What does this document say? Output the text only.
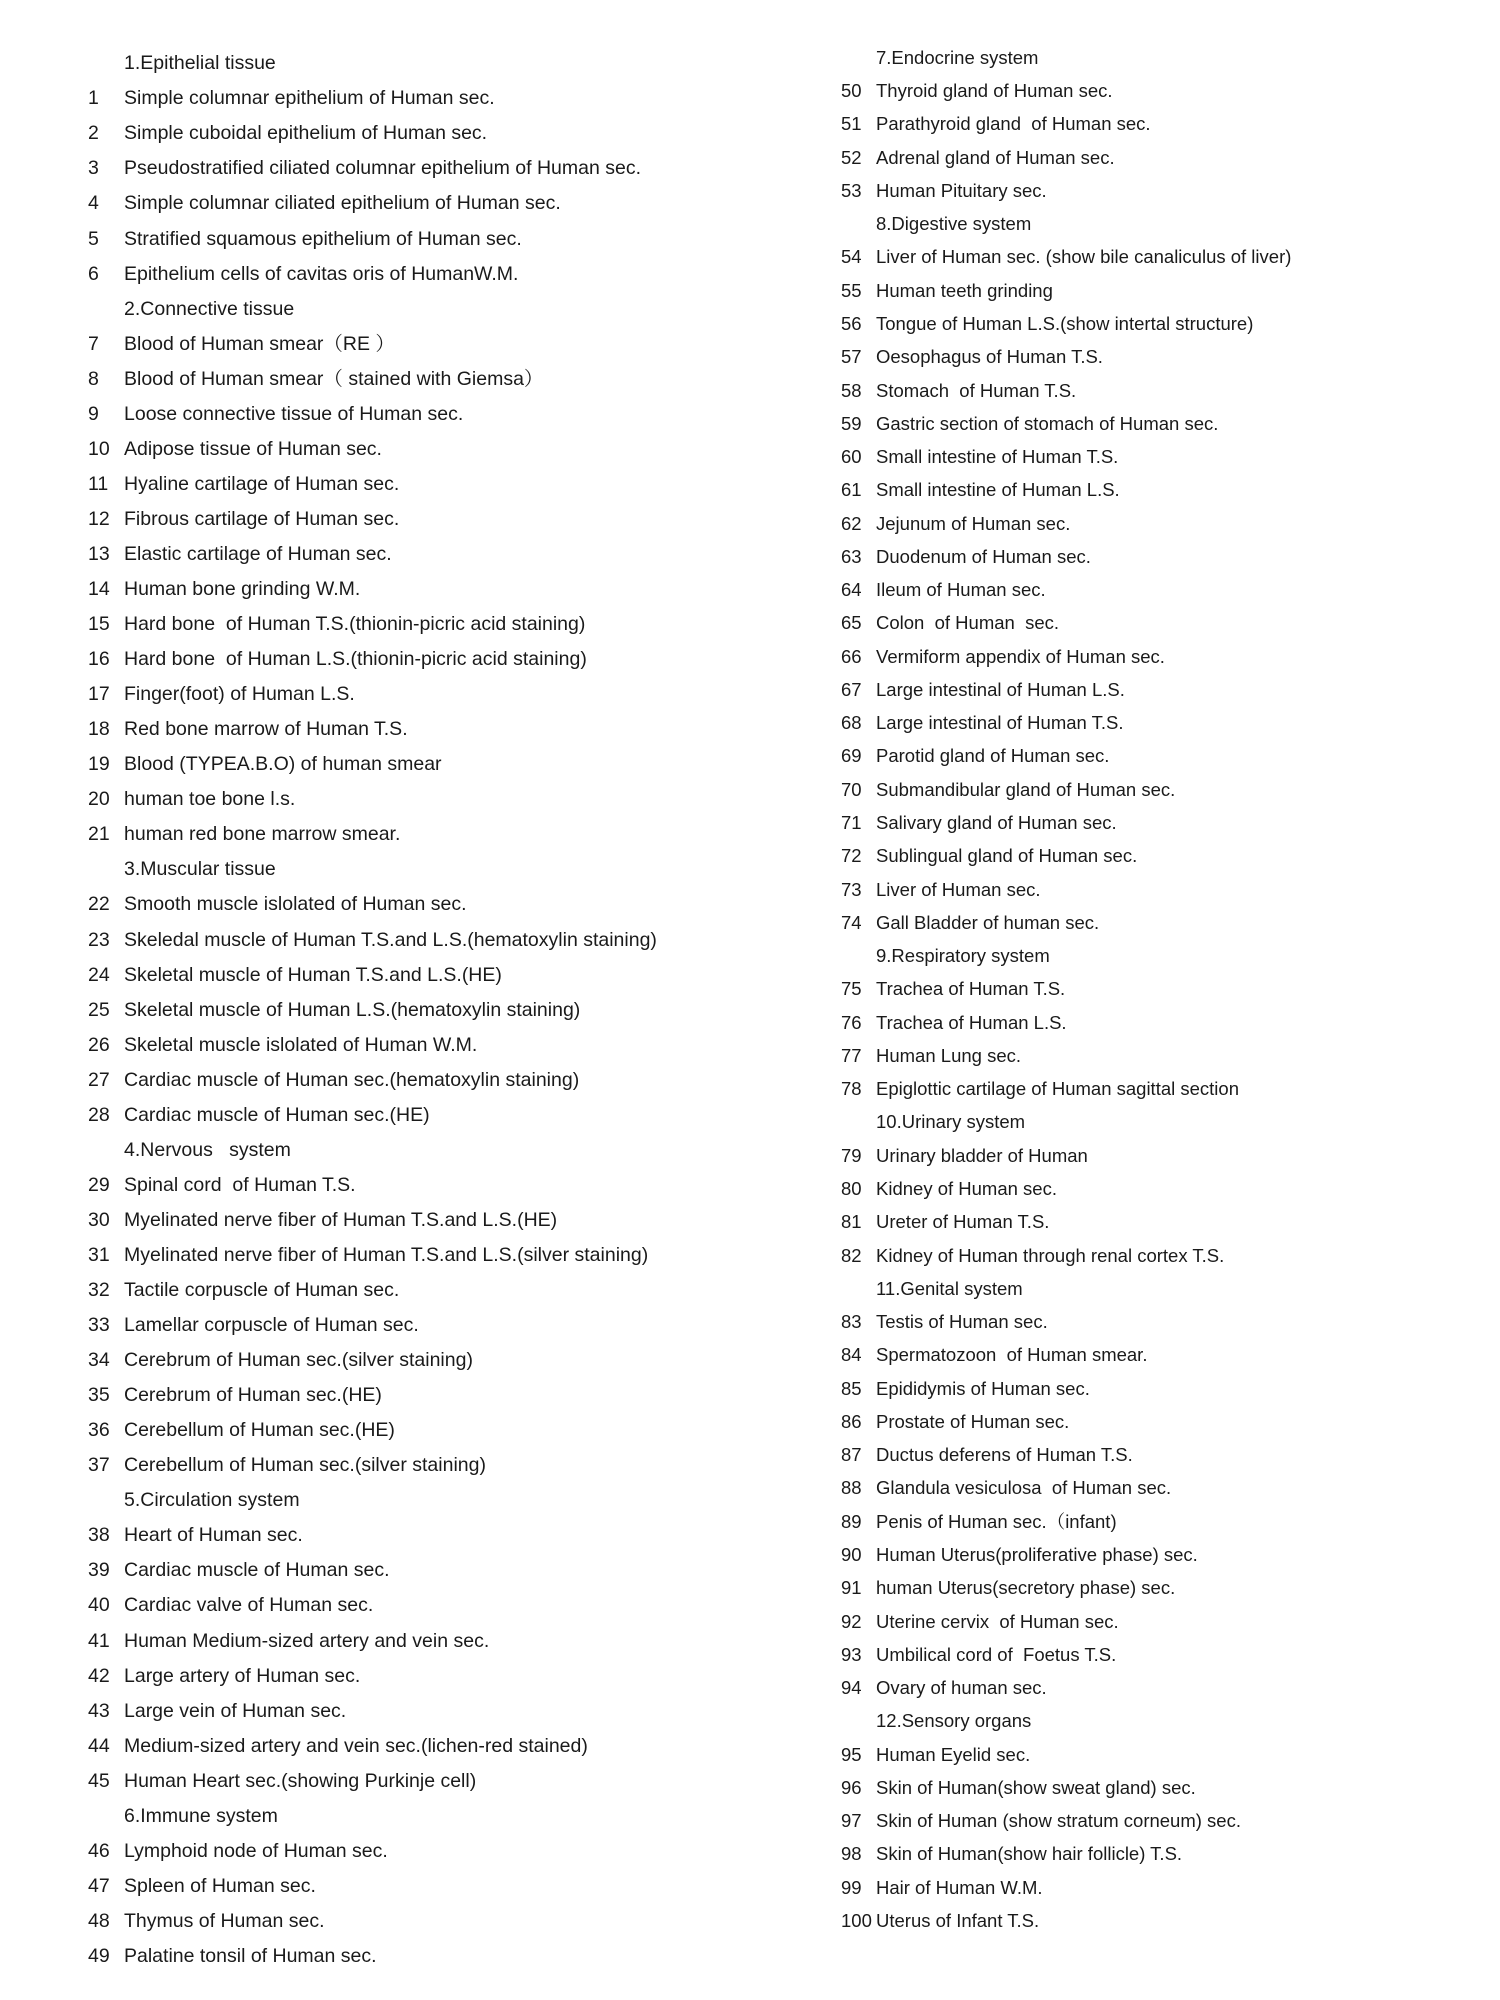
1.Epithelial tissue
1 Simple columnar epithelium of Human sec.
2 Simple cuboidal epithelium of Human sec.
3 Pseudostratified ciliated columnar epithelium of Human sec.
4 Simple columnar ciliated epithelium of Human sec.
5 Stratified squamous epithelium of Human sec.
6 Epithelium cells of cavitas oris of HumanW.M.
2.Connective tissue
7 Blood of Human smear（RE ）
8 Blood of Human smear（ stained with Giemsa）
9 Loose connective tissue of Human sec.
10 Adipose tissue of Human sec.
11 Hyaline cartilage of Human sec.
12 Fibrous cartilage of Human sec.
13 Elastic cartilage of Human sec.
14 Human bone grinding W.M.
15 Hard bone  of Human T.S.(thionin-picric acid staining)
16 Hard bone  of Human L.S.(thionin-picric acid staining)
17 Finger(foot) of Human L.S.
18 Red bone marrow of Human T.S.
19 Blood (TYPEA.B.O) of human smear
20 human toe bone l.s.
21 human red bone marrow smear.
3.Muscular tissue
22 Smooth muscle islolated of Human sec.
23 Skeledal muscle of Human T.S.and L.S.(hematoxylin staining)
24 Skeletal muscle of Human T.S.and L.S.(HE)
25 Skeletal muscle of Human L.S.(hematoxylin staining)
26 Skeletal muscle islolated of Human W.M.
27 Cardiac muscle of Human sec.(hematoxylin staining)
28 Cardiac muscle of Human sec.(HE)
4.Nervous   system
29 Spinal cord  of Human T.S.
30 Myelinated nerve fiber of Human T.S.and L.S.(HE)
31 Myelinated nerve fiber of Human T.S.and L.S.(silver staining)
32 Tactile corpuscle of Human sec.
33 Lamellar corpuscle of Human sec.
34 Cerebrum of Human sec.(silver staining)
35 Cerebrum of Human sec.(HE)
36 Cerebellum of Human sec.(HE)
37 Cerebellum of Human sec.(silver staining)
5.Circulation system
38 Heart of Human sec.
39 Cardiac muscle of Human sec.
40 Cardiac valve of Human sec.
41 Human Medium-sized artery and vein sec.
42 Large artery of Human sec.
43 Large vein of Human sec.
44 Medium-sized artery and vein sec.(lichen-red stained)
45 Human Heart sec.(showing Purkinje cell)
6.Immune system
46 Lymphoid node of Human sec.
47 Spleen of Human sec.
48 Thymus of Human sec.
49 Palatine tonsil of Human sec.
7.Endocrine system
50 Thyroid gland of Human sec.
51 Parathyroid gland  of Human sec.
52 Adrenal gland of Human sec.
53 Human Pituitary sec.
8.Digestive system
54 Liver of Human sec. (show bile canaliculus of liver)
55 Human teeth grinding
56 Tongue of Human L.S.(show intertal structure)
57 Oesophagus of Human T.S.
58 Stomach  of Human T.S.
59 Gastric section of stomach of Human sec.
60 Small intestine of Human T.S.
61 Small intestine of Human L.S.
62 Jejunum of Human sec.
63 Duodenum of Human sec.
64 Ileum of Human sec.
65 Colon  of Human  sec.
66 Vermiform appendix of Human sec.
67 Large intestinal of Human L.S.
68 Large intestinal of Human T.S.
69 Parotid gland of Human sec.
70 Submandibular gland of Human sec.
71 Salivary gland of Human sec.
72 Sublingual gland of Human sec.
73 Liver of Human sec.
74 Gall Bladder of human sec.
9.Respiratory system
75 Trachea of Human T.S.
76 Trachea of Human L.S.
77 Human Lung sec.
78 Epiglottic cartilage of Human sagittal section
10.Urinary system
79 Urinary bladder of Human
80 Kidney of Human sec.
81 Ureter of Human T.S.
82 Kidney of Human through renal cortex T.S.
11.Genital system
83 Testis of Human sec.
84 Spermatozoon  of Human smear.
85 Epididymis of Human sec.
86 Prostate of Human sec.
87 Ductus deferens of Human T.S.
88 Glandula vesiculosa  of Human sec.
89 Penis of Human sec.（infant)
90 Human Uterus(proliferative phase) sec.
91 human Uterus(secretory phase) sec.
92 Uterine cervix  of Human sec.
93 Umbilical cord of  Foetus T.S.
94 Ovary of human sec.
12.Sensory organs
95 Human Eyelid sec.
96 Skin of Human(show sweat gland) sec.
97 Skin of Human (show stratum corneum) sec.
98 Skin of Human(show hair follicle) T.S.
99 Hair of Human W.M.
100 Uterus of Infant T.S.
